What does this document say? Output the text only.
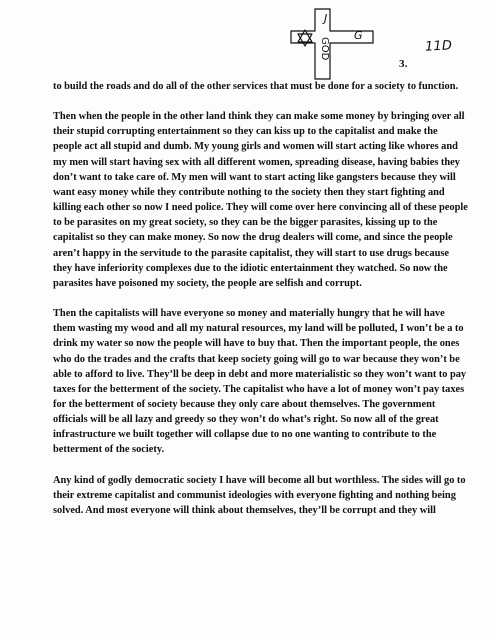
J
G
GOD	11D
3.

to build the roads and do all of the other services that must be done for a society to function.

Then when the people in the other land think they can make some money by bringing over all their stupid corrupting entertainment so they can kiss up to the capitalist and make the people act all stupid and dumb. My young girls and women will start acting like whores and my men will start having sex with all different women, spreading disease, having babies they don’t want to take care of. My men will want to start acting like gangsters because they will want easy money while they contribute nothing to the society then they start fighting and killing each other so now I need police. They will come over here convincing all of these people to be parasites on my great society, so they can be the bigger parasites, kissing up to the capitalist so they can make money. So now the drug dealers will come, and since the people aren’t happy in the servitude to the parasite capitalist, they will start to use drugs because they have inferiority complexes due to the idiotic entertainment they watched. So now the parasites have poisoned my society, the people are selfish and corrupt.

Then the capitalists will have everyone so money and materially hungry that he will have them wasting my wood and all my natural resources, my land will be polluted, I won’t be a to drink my water so now the people will have to buy that. Then the important people, the ones who do the trades and the crafts that keep society going will go to war because they won’t be able to afford to live. They’ll be deep in debt and more materialistic so they won’t want to pay taxes for the betterment of the society. The capitalist who have a lot of money won’t pay taxes for the betterment of society because they only care about themselves. The government officials will be all lazy and greedy so they won’t do what’s right. So now all of the great infrastructure we built together will collapse due to no one wanting to contribute to the betterment of the society.

Any kind of godly democratic society I have will become all but worthless. The sides will go to their extreme capitalist and communist ideologies with everyone fighting and nothing being solved. And most everyone will think about themselves, they’ll be corrupt and they will
